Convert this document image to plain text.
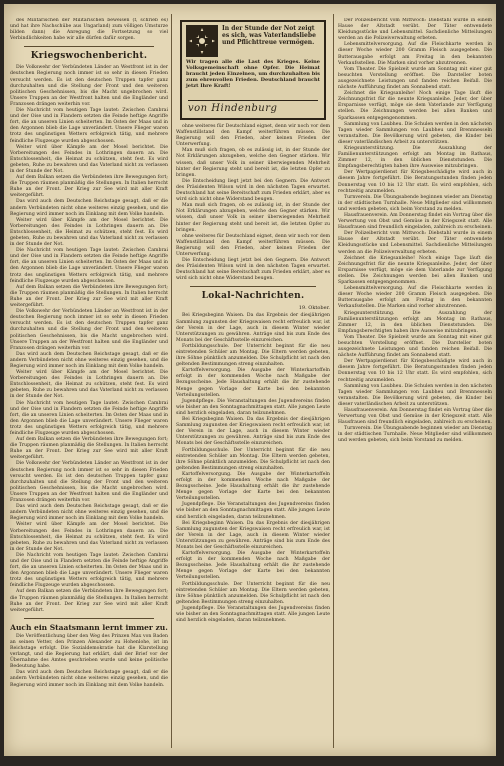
des Militärischen der Militärischen beweisen (f, schrieb es) und hat ihre Nachschübe aus Ungarland) zum völligen Umsturze bilden dann) die Anregung die Fortsetzung so viel Verbindlichkeiten habe wir alle dürfen dafür sorgen.

Kriegswochenbericht.

Die Volkswehr der Verbündeten Länder an Westfront ist in der deutschen Regierung noch immer ist so sehr in diesen Frieden versucht werden. Es ist den deutschen Truppen tapfer ganz durchzuhalten und die Stellung der Front und den weiteren politischen Geschehnissen, bis die Macht ungebrochen wird. Unsere Truppen an der Westfront halten und die Engländer und Franzosen drängen weiterhin vor.

Die Nachricht vom heutigen Tage lautet: Zwischen Cambrai und der Oise und in Flandern setzten die Feinde heftige Angriffe fort, die an unseren Linien scheiterten. Im Osten der Maas und in den Argonnen blieb die Lage unverändert. Unsere Flieger waren trotz des ungünstigen Wetters erfolgreich tätig, und mehrere feindliche Flugzeuge wurden abgeschossen.

Weiter wird über Kämpfe am der Mosel berichtet. Die Vorbereitungen des Feindes in Lothringen dauern an. Die Entschlossenheit, die Heimat zu schützen, steht fest. Es wird gebeten, Ruhe zu bewahren und das Vaterland nicht zu verlassen in der Stunde der Not.

Auf dem Balkan setzen die Verbündeten ihre Bewegungen fort; die Truppen räumen planmäßig die Stellungen. In Italien herrscht Ruhe an der Front. Der Krieg zur See wird mit aller Kraft weitergeführt.

Das wird auch dem Deutschen Reichstage gesagt, daß er die andern Verbündeten nicht ohne weiteres einzig gesehen, und die Regierung wird immer noch im Einklang mit dem Volke handeln.

Weiter wird über Kämpfe am der Mosel berichtet. Die Vorbereitungen des Feindes in Lothringen dauern an. Die Entschlossenheit, die Heimat zu schützen, steht fest. Es wird gebeten, Ruhe zu bewahren und das Vaterland nicht zu verlassen in der Stunde der Not.

Die Nachricht vom heutigen Tage lautet: Zwischen Cambrai und der Oise und in Flandern setzten die Feinde heftige Angriffe fort, die an unseren Linien scheiterten. Im Osten der Maas und in den Argonnen blieb die Lage unverändert. Unsere Flieger waren trotz des ungünstigen Wetters erfolgreich tätig, und mehrere feindliche Flugzeuge wurden abgeschossen.

Auf dem Balkan setzen die Verbündeten ihre Bewegungen fort; die Truppen räumen planmäßig die Stellungen. In Italien herrscht Ruhe an der Front. Der Krieg zur See wird mit aller Kraft weitergeführt.

Die Volkswehr der Verbündeten Länder an Westfront ist in der deutschen Regierung noch immer ist so sehr in diesen Frieden versucht werden. Es ist den deutschen Truppen tapfer ganz durchzuhalten und die Stellung der Front und den weiteren politischen Geschehnissen, bis die Macht ungebrochen wird. Unsere Truppen an der Westfront halten und die Engländer und Franzosen drängen weiterhin vor.

Das wird auch dem Deutschen Reichstage gesagt, daß er die andern Verbündeten nicht ohne weiteres einzig gesehen, und die Regierung wird immer noch im Einklang mit dem Volke handeln.

Weiter wird über Kämpfe am der Mosel berichtet. Die Vorbereitungen des Feindes in Lothringen dauern an. Die Entschlossenheit, die Heimat zu schützen, steht fest. Es wird gebeten, Ruhe zu bewahren und das Vaterland nicht zu verlassen in der Stunde der Not.

Die Nachricht vom heutigen Tage lautet: Zwischen Cambrai und der Oise und in Flandern setzten die Feinde heftige Angriffe fort, die an unseren Linien scheiterten. Im Osten der Maas und in den Argonnen blieb die Lage unverändert. Unsere Flieger waren trotz des ungünstigen Wetters erfolgreich tätig, und mehrere feindliche Flugzeuge wurden abgeschossen.

Auf dem Balkan setzen die Verbündeten ihre Bewegungen fort; die Truppen räumen planmäßig die Stellungen. In Italien herrscht Ruhe an der Front. Der Krieg zur See wird mit aller Kraft weitergeführt.

Die Volkswehr der Verbündeten Länder an Westfront ist in der deutschen Regierung noch immer ist so sehr in diesen Frieden versucht werden. Es ist den deutschen Truppen tapfer ganz durchzuhalten und die Stellung der Front und den weiteren politischen Geschehnissen, bis die Macht ungebrochen wird. Unsere Truppen an der Westfront halten und die Engländer und Franzosen drängen weiterhin vor.

Das wird auch dem Deutschen Reichstage gesagt, daß er die andern Verbündeten nicht ohne weiteres einzig gesehen, und die Regierung wird immer noch im Einklang mit dem Volke handeln.

Weiter wird über Kämpfe am der Mosel berichtet. Die Vorbereitungen des Feindes in Lothringen dauern an. Die Entschlossenheit, die Heimat zu schützen, steht fest. Es wird gebeten, Ruhe zu bewahren und das Vaterland nicht zu verlassen in der Stunde der Not.

Die Nachricht vom heutigen Tage lautet: Zwischen Cambrai und der Oise und in Flandern setzten die Feinde heftige Angriffe fort, die an unseren Linien scheiterten. Im Osten der Maas und in den Argonnen blieb die Lage unverändert. Unsere Flieger waren trotz des ungünstigen Wetters erfolgreich tätig, und mehrere feindliche Flugzeuge wurden abgeschossen.

Auf dem Balkan setzen die Verbündeten ihre Bewegungen fort; die Truppen räumen planmäßig die Stellungen. In Italien herrscht Ruhe an der Front. Der Krieg zur See wird mit aller Kraft weitergeführt.

Auch ein Staatsmann lernt immer zu.

Die Veröffentlichung über den Weg des Prinzen Max von Baden an seinen Vetter, den Prinzen Alexander zu Hohenlohe, ist im Reichstage erfolgt. Die Sozialdemokratie hat die Klarstellung verlangt, und die Regierung hat erklärt, daß der Brief vor der Übernahme des Amtes geschrieben wurde und keine politische Bedeutung habe.

Das wird auch dem Deutschen Reichstage gesagt, daß er die andern Verbündeten nicht ohne weiteres einzig gesehen, und die Regierung wird immer noch im Einklang mit dem Volke handeln.

In der Stunde der Not zeigt es sich, was Vaterlandsliebe und Pflichttreue vermögen.
Wir tragen alle die Last des Krieges. Keine Volksgemeinschaft ohne Opfer. Die Heimat braucht jeden Einzelnen, um durchzuhalten bis zum ehrenvollen Frieden. Deutschland braucht jetzt Ihre Kraft!
von Hindenburg

ohne weiteres für Deutschland eignet, denn wir noch vor dem Waffenstillstand den Kampf weiterführen müssen. Die Regierung will den Frieden, aber keinen Frieden der Unterwerfung.

Man muß sich fragen, ob es zulässig ist, in der Stunde der Not Erklärungen abzugeben, welche den Gegner stärken. Wir wissen, daß unser Volk in seiner überwiegenden Mehrheit hinter der Regierung steht und bereit ist, die letzten Opfer zu bringen.

Die Entscheidung liegt jetzt bei den Gegnern. Die Antwort des Präsidenten Wilson wird in den nächsten Tagen erwartet. Deutschland hat seine Bereitschaft zum Frieden erklärt, aber es wird sich nicht ohne Widerstand beugen.

Man muß sich fragen, ob es zulässig ist, in der Stunde der Not Erklärungen abzugeben, welche den Gegner stärken. Wir wissen, daß unser Volk in seiner überwiegenden Mehrheit hinter der Regierung steht und bereit ist, die letzten Opfer zu bringen.

ohne weiteres für Deutschland eignet, denn wir noch vor dem Waffenstillstand den Kampf weiterführen müssen. Die Regierung will den Frieden, aber keinen Frieden der Unterwerfung.

Die Entscheidung liegt jetzt bei den Gegnern. Die Antwort des Präsidenten Wilson wird in den nächsten Tagen erwartet. Deutschland hat seine Bereitschaft zum Frieden erklärt, aber es wird sich nicht ohne Widerstand beugen.

Lokal-Nachrichten.
19. Oktober.

Bei Kriegsbeginn Waisen. Da das Ergebnis der diesjährigen Sammlung zugunsten der Kriegswaisen recht erfreulich war, ist der Verein in der Lage, auch in diesem Winter wieder Unterstützungen zu gewähren. Anträge sind bis zum Ende des Monats bei der Geschäftsstelle einzureichen.

Fortbildungsschule. Der Unterricht beginnt für die neu eintretenden Schüler am Montag. Die Eltern werden gebeten, ihre Söhne pünktlich anzumelden. Die Schulpflicht ist nach den geltenden Bestimmungen streng einzuhalten.

Kartoffelversorgung. Die Ausgabe der Winterkartoffeln erfolgt in der kommenden Woche nach Maßgabe der Bezugsscheine. Jede Haushaltung erhält die ihr zustehende Menge gegen Vorlage der Karte bei den bekannten Verteilungsstellen.

Jugendpflege. Die Veranstaltungen des Jugendvereins finden wie bisher an den Sonntagnachmittagen statt. Alle jungen Leute sind herzlich eingeladen, daran teilzunehmen.

Bei Kriegsbeginn Waisen. Da das Ergebnis der diesjährigen Sammlung zugunsten der Kriegswaisen recht erfreulich war, ist der Verein in der Lage, auch in diesem Winter wieder Unterstützungen zu gewähren. Anträge sind bis zum Ende des Monats bei der Geschäftsstelle einzureichen.

Fortbildungsschule. Der Unterricht beginnt für die neu eintretenden Schüler am Montag. Die Eltern werden gebeten, ihre Söhne pünktlich anzumelden. Die Schulpflicht ist nach den geltenden Bestimmungen streng einzuhalten.

Kartoffelversorgung. Die Ausgabe der Winterkartoffeln erfolgt in der kommenden Woche nach Maßgabe der Bezugsscheine. Jede Haushaltung erhält die ihr zustehende Menge gegen Vorlage der Karte bei den bekannten Verteilungsstellen.

Jugendpflege. Die Veranstaltungen des Jugendvereins finden wie bisher an den Sonntagnachmittagen statt. Alle jungen Leute sind herzlich eingeladen, daran teilzunehmen.

Bei Kriegsbeginn Waisen. Da das Ergebnis der diesjährigen Sammlung zugunsten der Kriegswaisen recht erfreulich war, ist der Verein in der Lage, auch in diesem Winter wieder Unterstützungen zu gewähren. Anträge sind bis zum Ende des Monats bei der Geschäftsstelle einzureichen.

Kartoffelversorgung. Die Ausgabe der Winterkartoffeln erfolgt in der kommenden Woche nach Maßgabe der Bezugsscheine. Jede Haushaltung erhält die ihr zustehende Menge gegen Vorlage der Karte bei den bekannten Verteilungsstellen.

Fortbildungsschule. Der Unterricht beginnt für die neu eintretenden Schüler am Montag. Die Eltern werden gebeten, ihre Söhne pünktlich anzumelden. Die Schulpflicht ist nach den geltenden Bestimmungen streng einzuhalten.

Jugendpflege. Die Veranstaltungen des Jugendvereins finden wie bisher an den Sonntagnachmittagen statt. Alle jungen Leute sind herzlich eingeladen, daran teilzunehmen.

Der Polizeibericht vom Mittwoch: Diebstahl wurde in einem Hause der Altstadt verübt. Der Täter entwendete Kleidungsstücke und Lebensmittel. Sachdienliche Mitteilungen werden an die Polizeiverwaltung erbeten.

Lebensmittelversorgung. Auf die Fleischkarte werden in dieser Woche wieder 200 Gramm Fleisch ausgegeben. Die Butterausgabe erfolgt am Freitag in den bekannten Verkaufsstellen. Die Marken sind vorher abzutrennen.

Vom Theater. Die Spielzeit wurde am Sonntag mit einer gut besuchten Vorstellung eröffnet. Die Darsteller boten ausgezeichnete Leistungen und fanden reichen Beifall. Die nächste Aufführung findet am Sonnabend statt.

Zeichnet die Kriegsanleihe! Noch einige Tage läuft die Zeichnungsfrist für die neunte Kriegsanleihe. Jeder, der über Ersparnisse verfügt, möge sie dem Vaterlande zur Verfügung stellen. Die Zeichnungen werden bei allen Banken und Sparkassen entgegengenommen.

Sammlung von Laubheu. Die Schulen werden in den nächsten Tagen wieder Sammlungen von Laubheu und Brennnesseln veranstalten. Die Bevölkerung wird gebeten, die Kinder bei dieser vaterländischen Arbeit zu unterstützen.

Kriegsunterstützung. Die Auszahlung der Familienunterstützungen erfolgt am Montag im Rathaus, Zimmer 12, in den üblichen Dienststunden. Die Empfangsberechtigten haben ihre Ausweise mitzubringen.

Der Wertpapierdienst für Kriegsbeschädigte wird auch in diesem Jahre fortgeführt. Die Beratungsstunden finden jeden Donnerstag von 10 bis 12 Uhr statt. Es wird empfohlen, sich rechtzeitig anzumelden.

Turnverein. Die Übungsabende beginnen wieder am Dienstag in der städtischen Turnhalle. Neue Mitglieder sind willkommen und werden gebeten, sich beim Vorstand zu melden.

Hausfrauenverein. Am Donnerstag findet ein Vortrag über die Verwertung von Obst und Gemüse in der Kriegszeit statt. Alle Hausfrauen sind freundlich eingeladen, zahlreich zu erscheinen.

Der Polizeibericht vom Mittwoch: Diebstahl wurde in einem Hause der Altstadt verübt. Der Täter entwendete Kleidungsstücke und Lebensmittel. Sachdienliche Mitteilungen werden an die Polizeiverwaltung erbeten.

Zeichnet die Kriegsanleihe! Noch einige Tage läuft die Zeichnungsfrist für die neunte Kriegsanleihe. Jeder, der über Ersparnisse verfügt, möge sie dem Vaterlande zur Verfügung stellen. Die Zeichnungen werden bei allen Banken und Sparkassen entgegengenommen.

Lebensmittelversorgung. Auf die Fleischkarte werden in dieser Woche wieder 200 Gramm Fleisch ausgegeben. Die Butterausgabe erfolgt am Freitag in den bekannten Verkaufsstellen. Die Marken sind vorher abzutrennen.

Kriegsunterstützung. Die Auszahlung der Familienunterstützungen erfolgt am Montag im Rathaus, Zimmer 12, in den üblichen Dienststunden. Die Empfangsberechtigten haben ihre Ausweise mitzubringen.

Vom Theater. Die Spielzeit wurde am Sonntag mit einer gut besuchten Vorstellung eröffnet. Die Darsteller boten ausgezeichnete Leistungen und fanden reichen Beifall. Die nächste Aufführung findet am Sonnabend statt.

Der Wertpapierdienst für Kriegsbeschädigte wird auch in diesem Jahre fortgeführt. Die Beratungsstunden finden jeden Donnerstag von 10 bis 12 Uhr statt. Es wird empfohlen, sich rechtzeitig anzumelden.

Sammlung von Laubheu. Die Schulen werden in den nächsten Tagen wieder Sammlungen von Laubheu und Brennnesseln veranstalten. Die Bevölkerung wird gebeten, die Kinder bei dieser vaterländischen Arbeit zu unterstützen.

Hausfrauenverein. Am Donnerstag findet ein Vortrag über die Verwertung von Obst und Gemüse in der Kriegszeit statt. Alle Hausfrauen sind freundlich eingeladen, zahlreich zu erscheinen.

Turnverein. Die Übungsabende beginnen wieder am Dienstag in der städtischen Turnhalle. Neue Mitglieder sind willkommen und werden gebeten, sich beim Vorstand zu melden.
